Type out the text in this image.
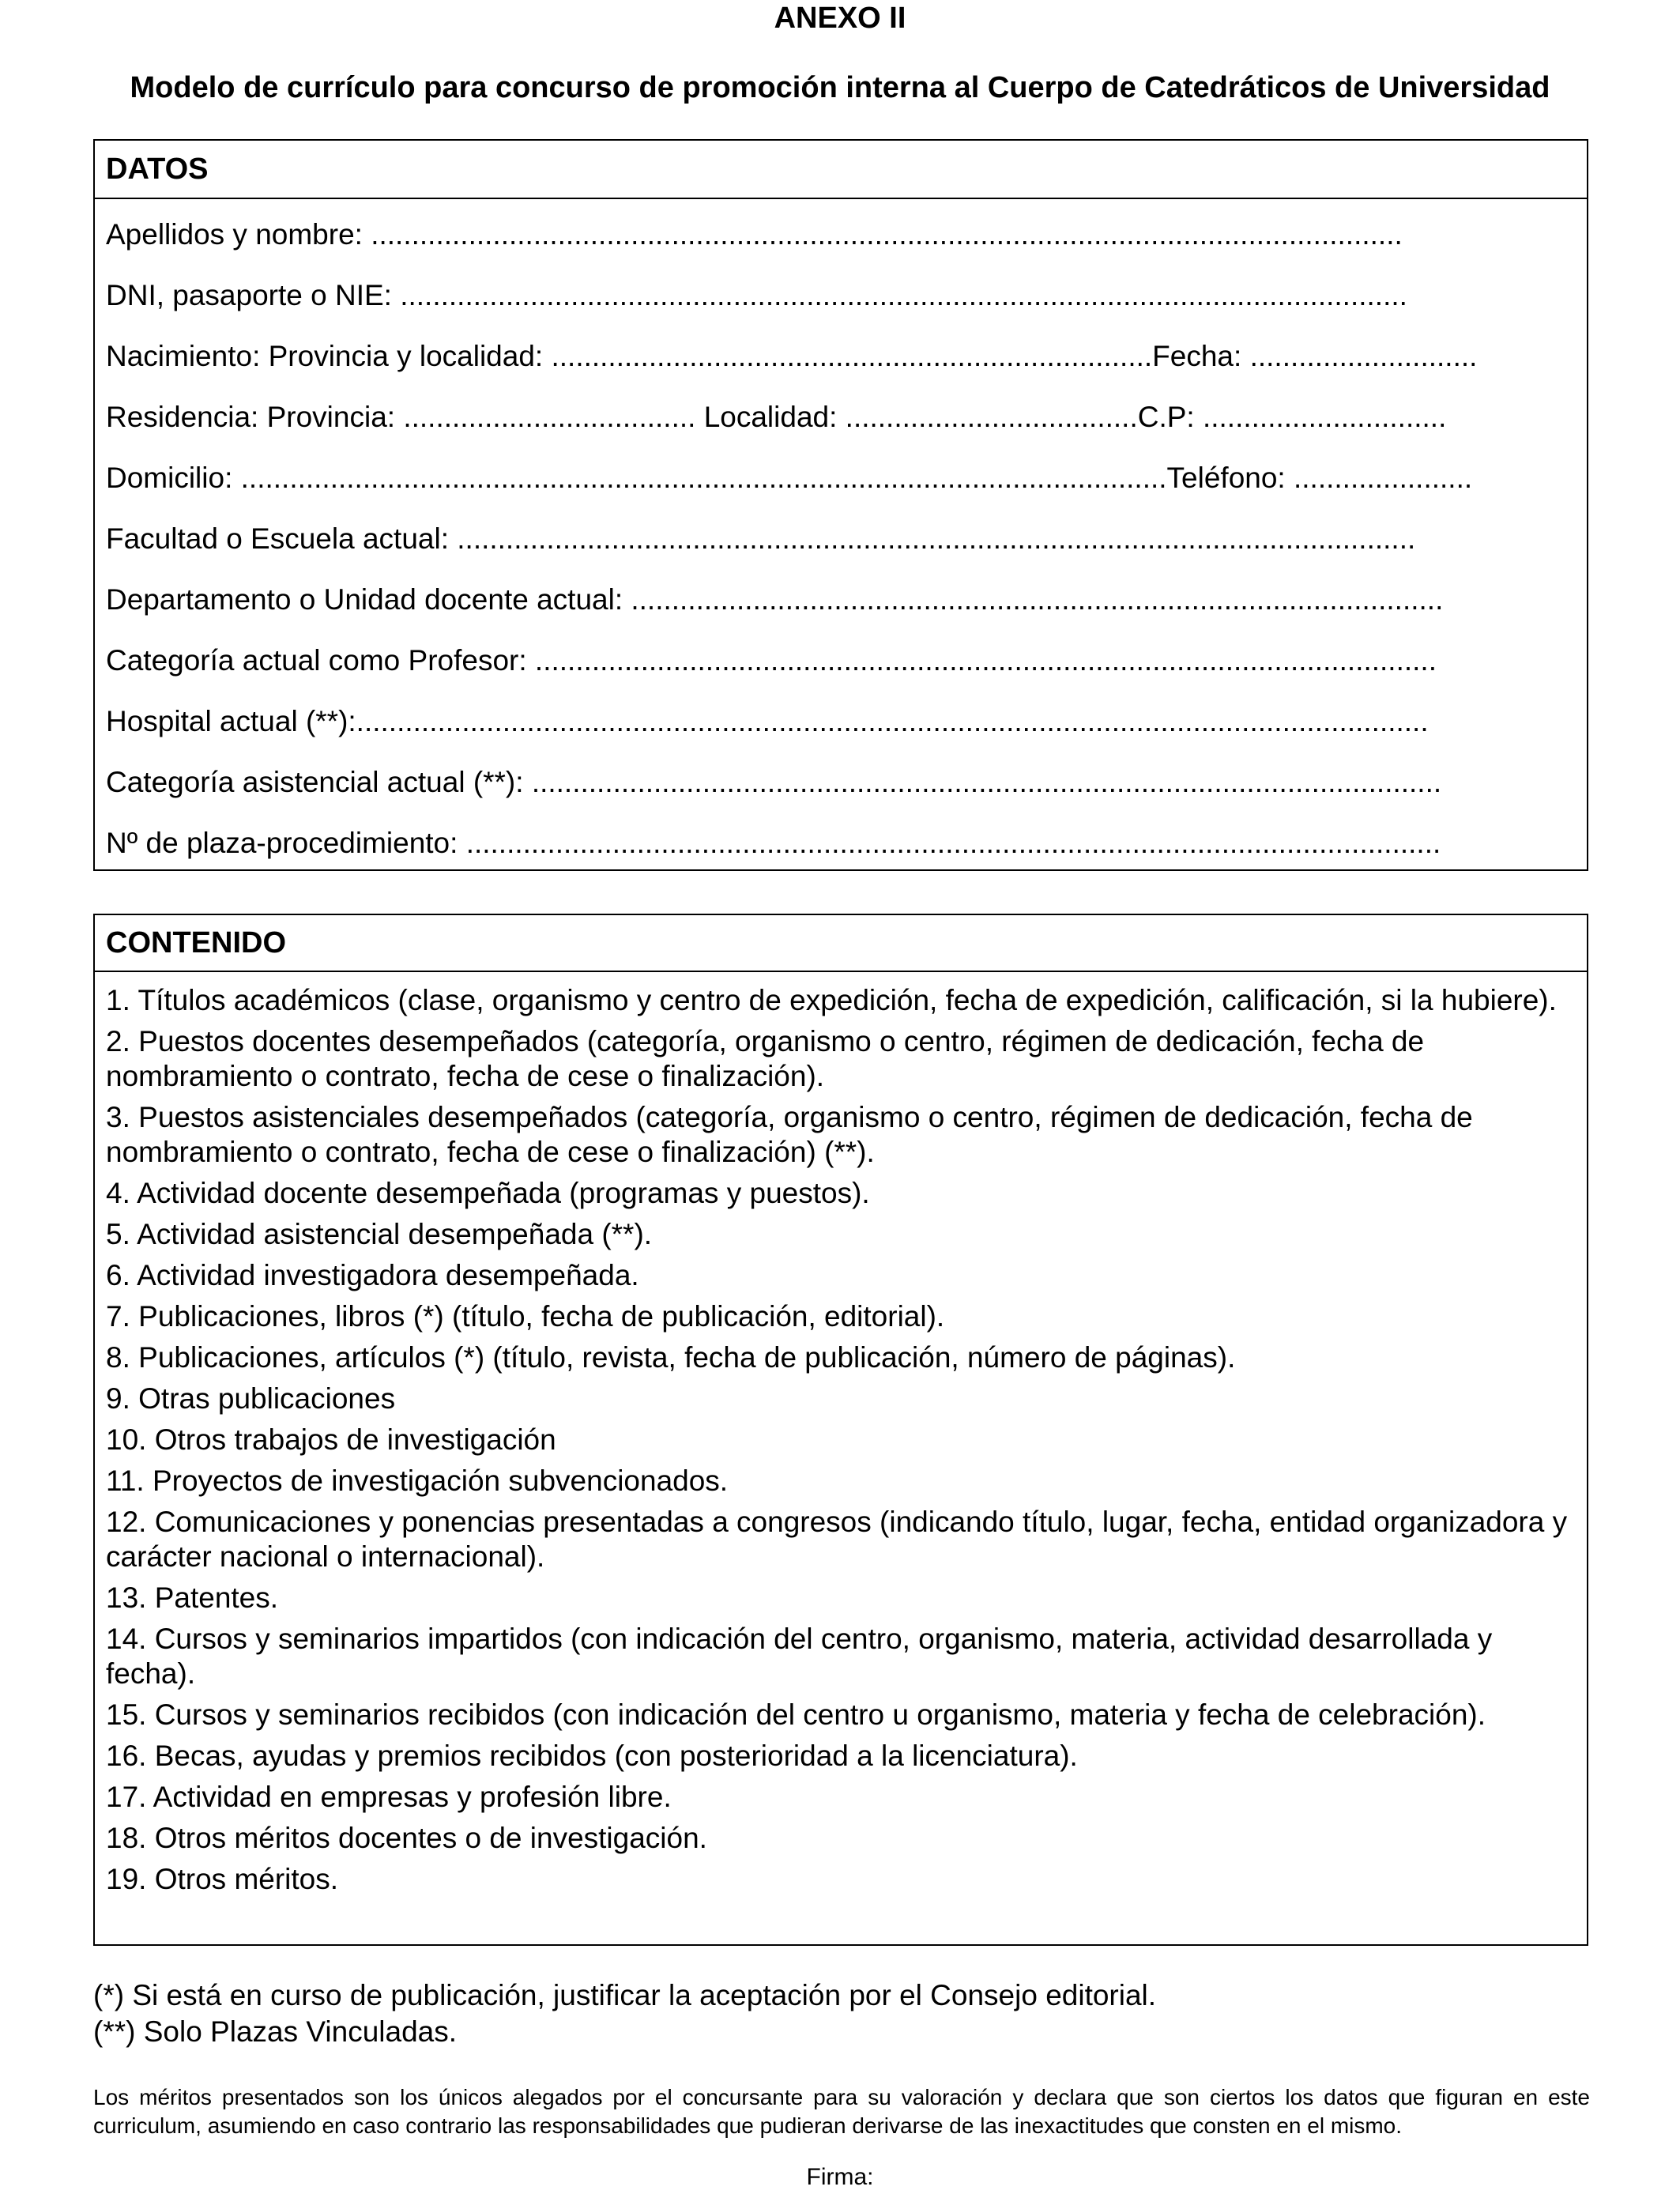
ANEXO II
Modelo de currículo para concurso de promoción interna al Cuerpo de Catedráticos de Universidad
DATOS
Apellidos y nombre: ...............................................................................................................................
DNI, pasaporte o NIE: ............................................................................................................................
Nacimiento: Provincia y localidad: ..........................................................................Fecha: ............................
Residencia: Provincia: .................................... Localidad: ....................................C.P: ..............................
Domicilio: ..................................................................................................................Teléfono: ......................
Facultad o Escuela actual: ......................................................................................................................
Departamento o Unidad docente actual: ....................................................................................................
Categoría actual como Profesor: ...............................................................................................................
Hospital actual (**):....................................................................................................................................
Categoría asistencial actual (**): ................................................................................................................
Nº de plaza-procedimiento: ........................................................................................................................
CONTENIDO
1. Títulos académicos (clase, organismo y centro de expedición, fecha de expedición, calificación, si la hubiere).
2. Puestos docentes desempeñados (categoría, organismo o centro, régimen de dedicación, fecha de nombramiento o contrato, fecha de cese o finalización).
3. Puestos asistenciales desempeñados (categoría, organismo o centro, régimen de dedicación, fecha de nombramiento o contrato, fecha de cese o finalización) (**).
4. Actividad docente desempeñada (programas y puestos).
5. Actividad asistencial desempeñada (**).
6. Actividad investigadora desempeñada.
7. Publicaciones, libros (*) (título, fecha de publicación, editorial).
8. Publicaciones, artículos (*) (título, revista, fecha de publicación, número de páginas).
9. Otras publicaciones
10. Otros trabajos de investigación
11. Proyectos de investigación subvencionados.
12. Comunicaciones y ponencias presentadas a congresos (indicando título, lugar, fecha, entidad organizadora y carácter nacional o internacional).
13. Patentes.
14. Cursos y seminarios impartidos (con indicación del centro, organismo, materia, actividad desarrollada y fecha).
15. Cursos y seminarios recibidos (con indicación del centro u organismo, materia y fecha de celebración).
16. Becas, ayudas y premios recibidos (con posterioridad a la licenciatura).
17. Actividad en empresas y profesión libre.
18. Otros méritos docentes o de investigación.
19. Otros méritos.
(*) Si está en curso de publicación, justificar la aceptación por el Consejo editorial.
(**) Solo Plazas Vinculadas.
Los méritos presentados son los únicos alegados por el concursante para su valoración y declara que son ciertos los datos que figuran en este curriculum, asumiendo en caso contrario las responsabilidades que pudieran derivarse de las inexactitudes que consten en el mismo.
Firma:
